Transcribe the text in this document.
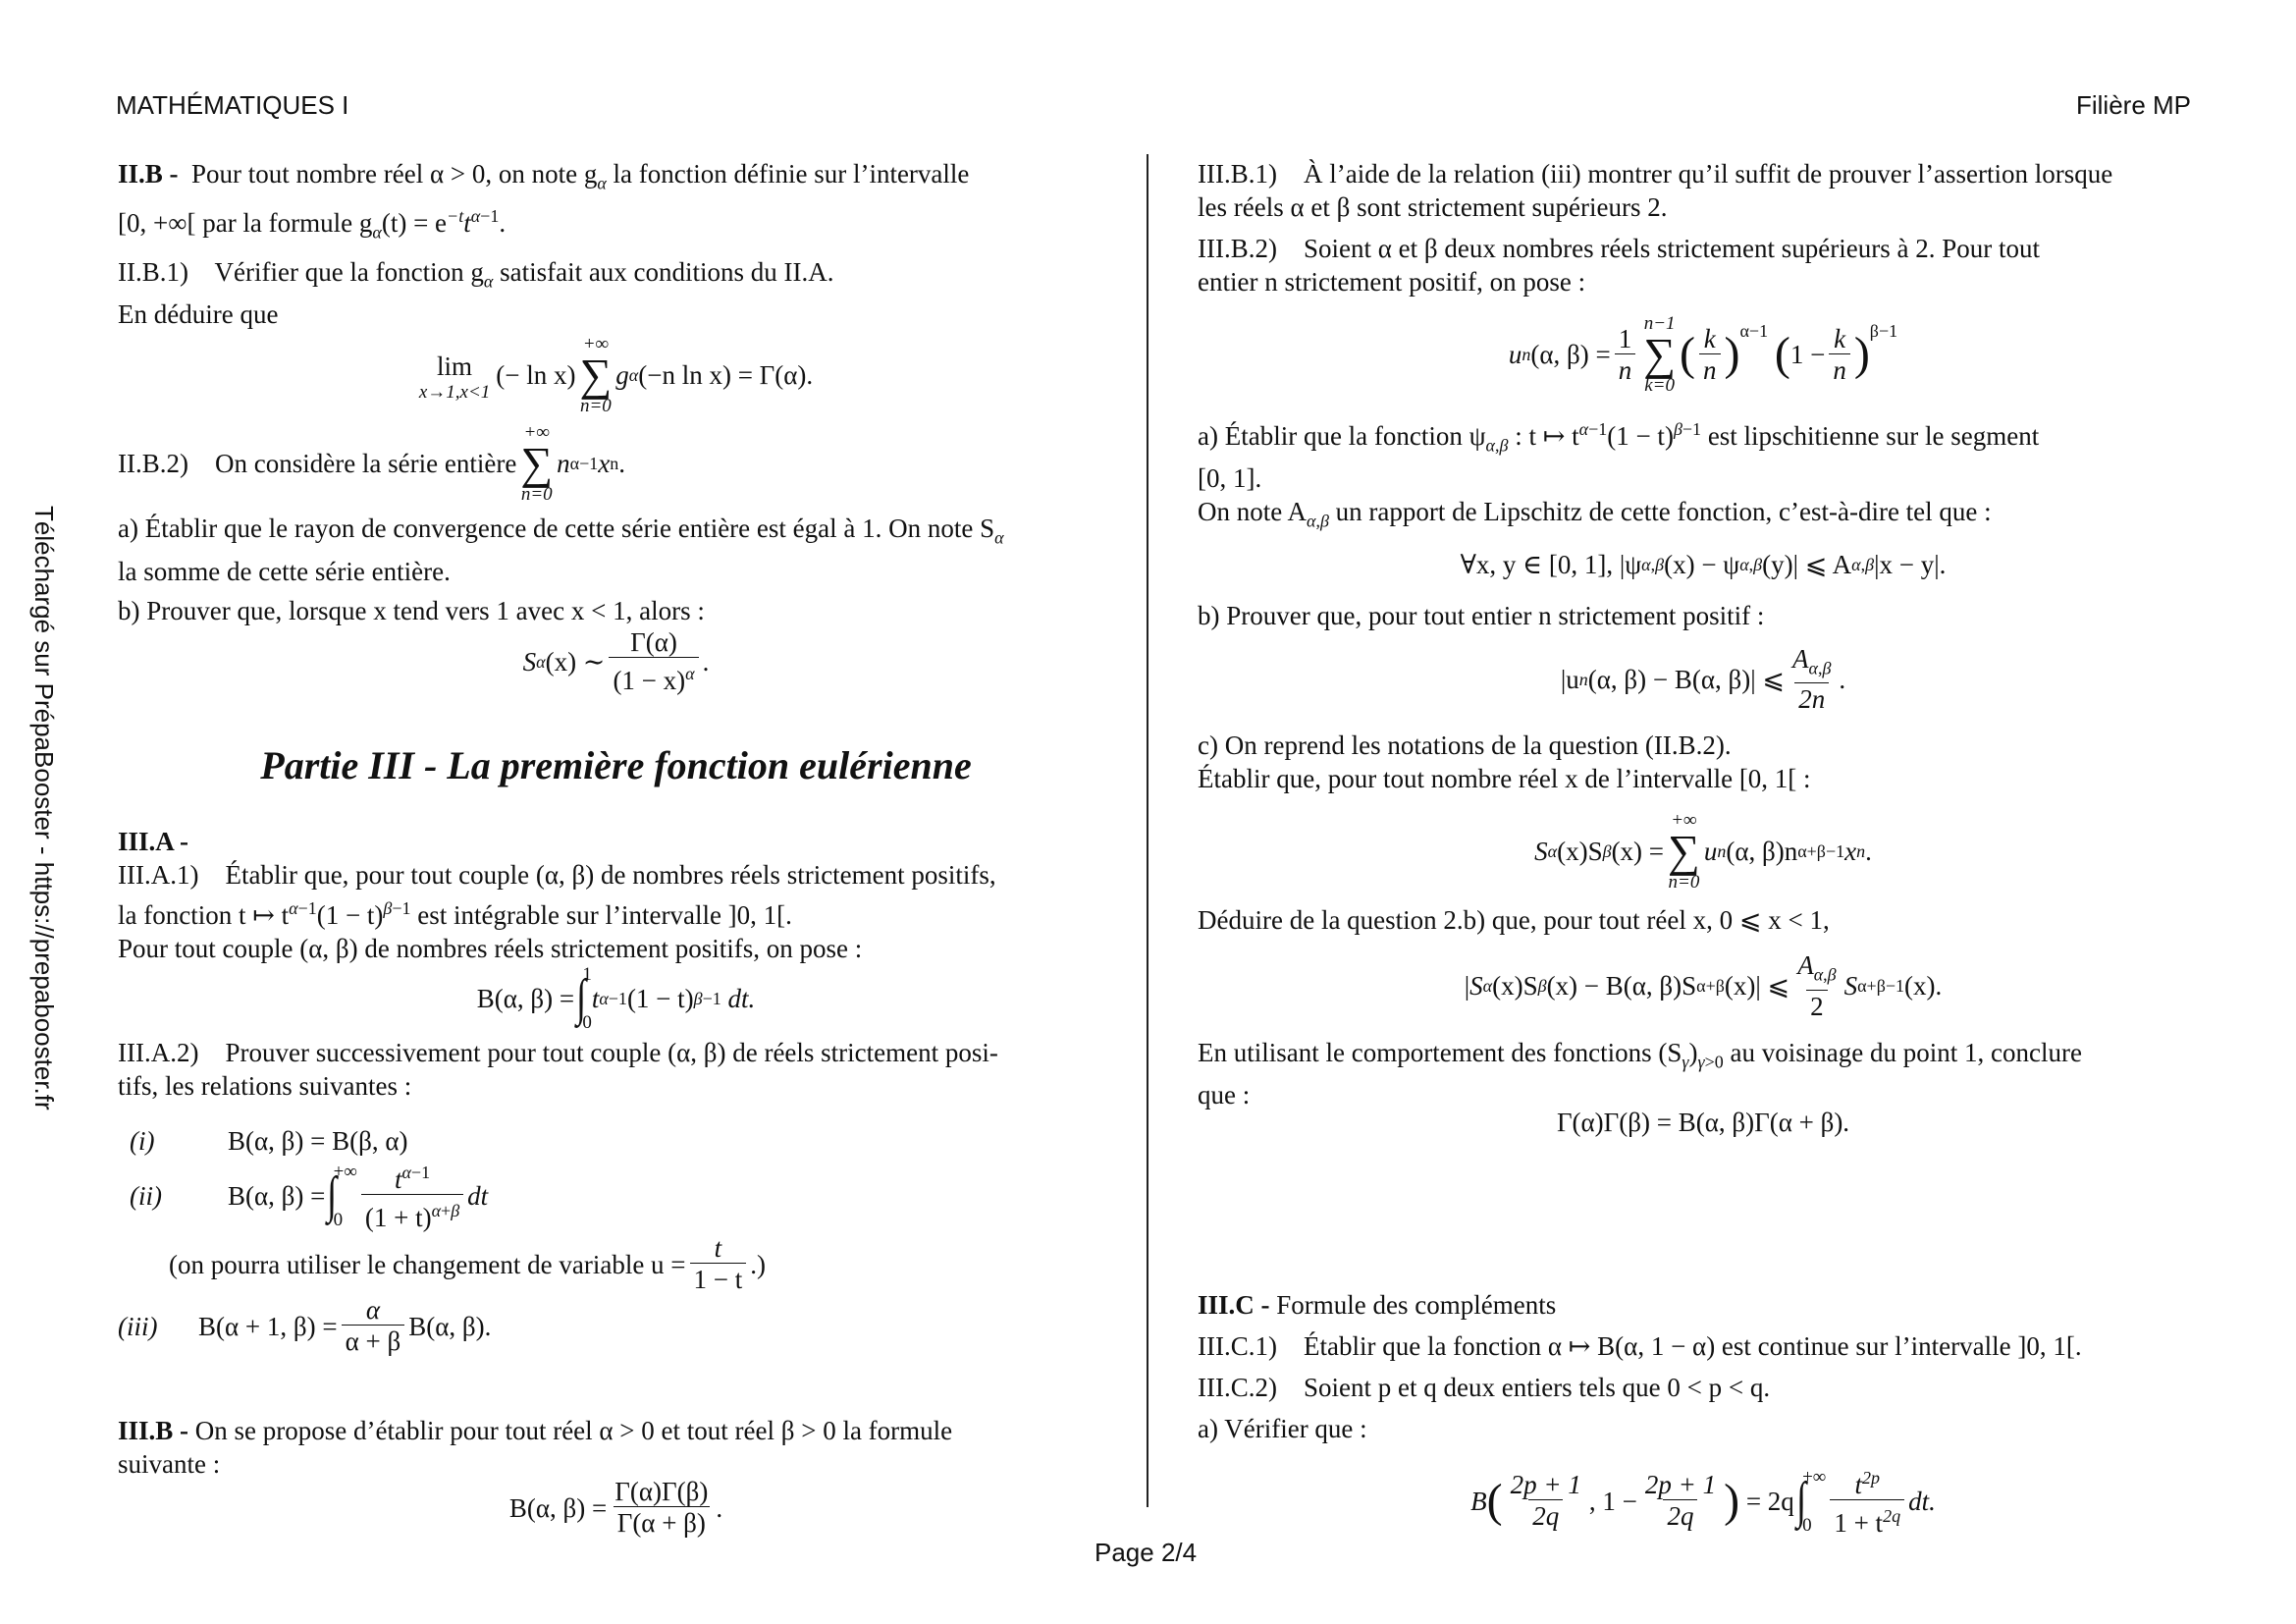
MATHÉMATIQUES I	Filière MP
Téléchargé sur PrépaBooster - https://prepabooster.fr

II.B - Pour tout nombre réel α > 0, on note $g_\alpha$ la fonction définie sur l’intervalle

[0, +∞[ par la formule $g_\alpha(t) = e^{-t}t^{\alpha-1}$.

II.B.1) Vérifier que la fonction $g_\alpha$ satisfait aux conditions du II.A.

En déduire que

lim
x→1,x<1
(− ln x)
+∞
∑
n=0
g α (−n ln x) = Γ(α).
II.B.2)
On considère la série entière
+∞
∑
n=0
n α−1 x n .

a) Établir que le rayon de convergence de cette série entière est égal à 1. On note $S_\alpha$

la somme de cette série entière.

b) Prouver que, lorsque x tend vers 1 avec x < 1, alors :

S α (x) ∼ $\frac{\Gamma(\alpha)}{(1 - x)^\alpha}$ .
Partie III - La première fonction eulérienne

III.A -

III.A.1) Établir que, pour tout couple (α, β) de nombres réels strictement positifs,

la fonction t ↦ $t^{\alpha-1}(1 - t)^{\beta-1}$ est intégrable sur l’intervalle ]0, 1[.

Pour tout couple (α, β) de nombres réels strictement positifs, on pose :

B(α, β) = ∫
1
0
t α−1 (1 − t) β−1
dt.

III.A.2) Prouver successivement pour tout couple (α, β) de réels strictement posi-

tifs, les relations suivantes :

(i)	B(α, β) = B(β, α)
(ii)	B(α, β) = ∫
+∞
$0 \frac{t^{\alpha-1}}{(1 + t)^{\alpha+\beta}}$ dt
(on pourra utiliser le changement de variable $u = \frac{t}{1 - t}$ .)
(iii)	B(α + 1, $\beta) = \frac{\alpha}{\alpha + \beta} B(\alpha$, β).

III.B - On se propose d’établir pour tout réel α > 0 et tout réel β > 0 la formule

suivante :

B(α, $\beta) = \frac{\Gamma(\alpha)\Gamma(\beta)}{\Gamma(\alpha + \beta)}$ .

III.B.1) À l’aide de la relation (iii) montrer qu’il suffit de prouver l’assertion lorsque

les réels α et β sont strictement supérieurs 2.

III.B.2) Soient α et β deux nombres réels strictement supérieurs à 2. Pour tout

entier n strictement positif, on pose :

u n (α, $\beta) = \frac{1}{n} n-1$
∑
k=0
( $\frac{k}{n} )^{\alpha-1}$
( $1 - \frac{k}{n} )^{\beta-1}$

a) Établir que la fonction $\psi_{\alpha,\beta}$ : t ↦ $t^{\alpha-1}(1 - t)^{\beta-1}$ est lipschitienne sur le segment

[0, 1].

On note $A_{\alpha,\beta}$ un rapport de Lipschitz de cette fonction, c’est-à-dire tel que :

∀x, y ∈ [0, 1], |ψ α,β (x) − ψ α,β (y)| ⩽ A α,β |x − y|.

b) Prouver que, pour tout entier n strictement positif :

|u n (α, β) − B(α, β)| ⩽ $\frac{A_{\alpha,\beta}}{2n}$ .

c) On reprend les notations de la question (II.B.2).

Établir que, pour tout nombre réel x de l’intervalle [0, 1[ :

S α (x)S β (x) =
+∞
∑
n=0
u n (α, β)n α+β−1 x n .

Déduire de la question 2.b) que, pour tout réel x, 0 ⩽ x < 1,

| S α (x)S β (x) − B(α, β)S α+β (x)| ⩽ $\frac{A_{\alpha,\beta}}{2}$ S α+β−1 (x).

En utilisant le comportement des fonctions $(S_\gamma)_{\gamma>0}$ au voisinage du point 1, conclure

que :

Γ(α)Γ(β) = B(α, β)Γ(α + β).

III.C - Formule des compléments

III.C.1) Établir que la fonction α ↦ B(α, 1 − α) est continue sur l’intervalle ]0, 1[.

III.C.2) Soient p et q deux entiers tels que 0 < p < q.

a) Vérifier que :

B ( $\frac{2p + 1}{2q}$ , $1 - \frac{2p + 1}{2q}$ )
= 2q ∫
+∞
$0 \frac{t^{2p}}{1 + t^{2q}}$ dt.
Page 2/4
